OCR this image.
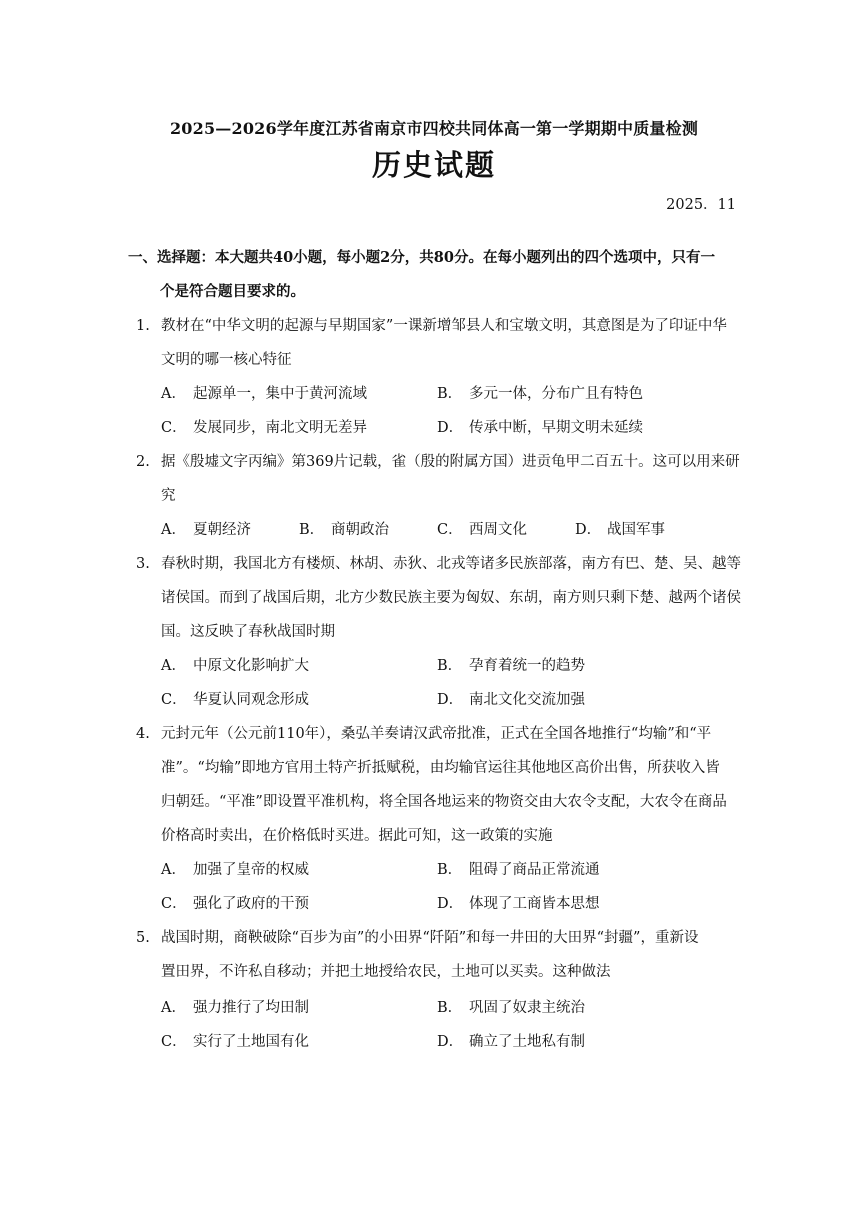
2025—2026学年度江苏省南京市四校共同体高一第一学期期中质量检测
历史试题
2025．11
一、选择题：本大题共40小题，每小题2分，共80分。在每小题列出的四个选项中，只有一
个是符合题目要求的。
1. 教材在“中华文明的起源与早期国家”一课新增邹县人和宝墩文明，其意图是为了印证中华
文明的哪一核心特征
A． 起源单一，集中于黄河流域	B． 多元一体，分布广且有特色
C． 发展同步，南北文明无差异	D． 传承中断，早期文明未延续
2. 据《殷墟文字丙编》第369片记载，雀（殷的附属方国）进贡龟甲二百五十。这可以用来研
究
A． 夏朝经济	B． 商朝政治	C． 西周文化	D． 战国军事
3. 春秋时期，我国北方有楼烦、林胡、赤狄、北戎等诸多民族部落，南方有巴、楚、吴、越等
诸侯国。而到了战国后期，北方少数民族主要为匈奴、东胡，南方则只剩下楚、越两个诸侯
国。这反映了春秋战国时期
A． 中原文化影响扩大	B． 孕育着统一的趋势
C． 华夏认同观念形成	D． 南北文化交流加强
4. 元封元年（公元前110年），桑弘羊奏请汉武帝批准，正式在全国各地推行“均输”和“平
准”。“均输”即地方官用土特产折抵赋税，由均输官运往其他地区高价出售，所获收入皆
归朝廷。“平准”即设置平准机构，将全国各地运来的物资交由大农令支配，大农令在商品
价格高时卖出，在价格低时买进。据此可知，这一政策的实施
A． 加强了皇帝的权威	B． 阻碍了商品正常流通
C． 强化了政府的干预	D． 体现了工商皆本思想
5. 战国时期，商鞅破除“百步为亩”的小田界“阡陌”和每一井田的大田界“封疆”，重新设
置田界，不许私自移动；并把土地授给农民，土地可以买卖。这种做法
A． 强力推行了均田制	B． 巩固了奴隶主统治
C． 实行了土地国有化	D． 确立了土地私有制
